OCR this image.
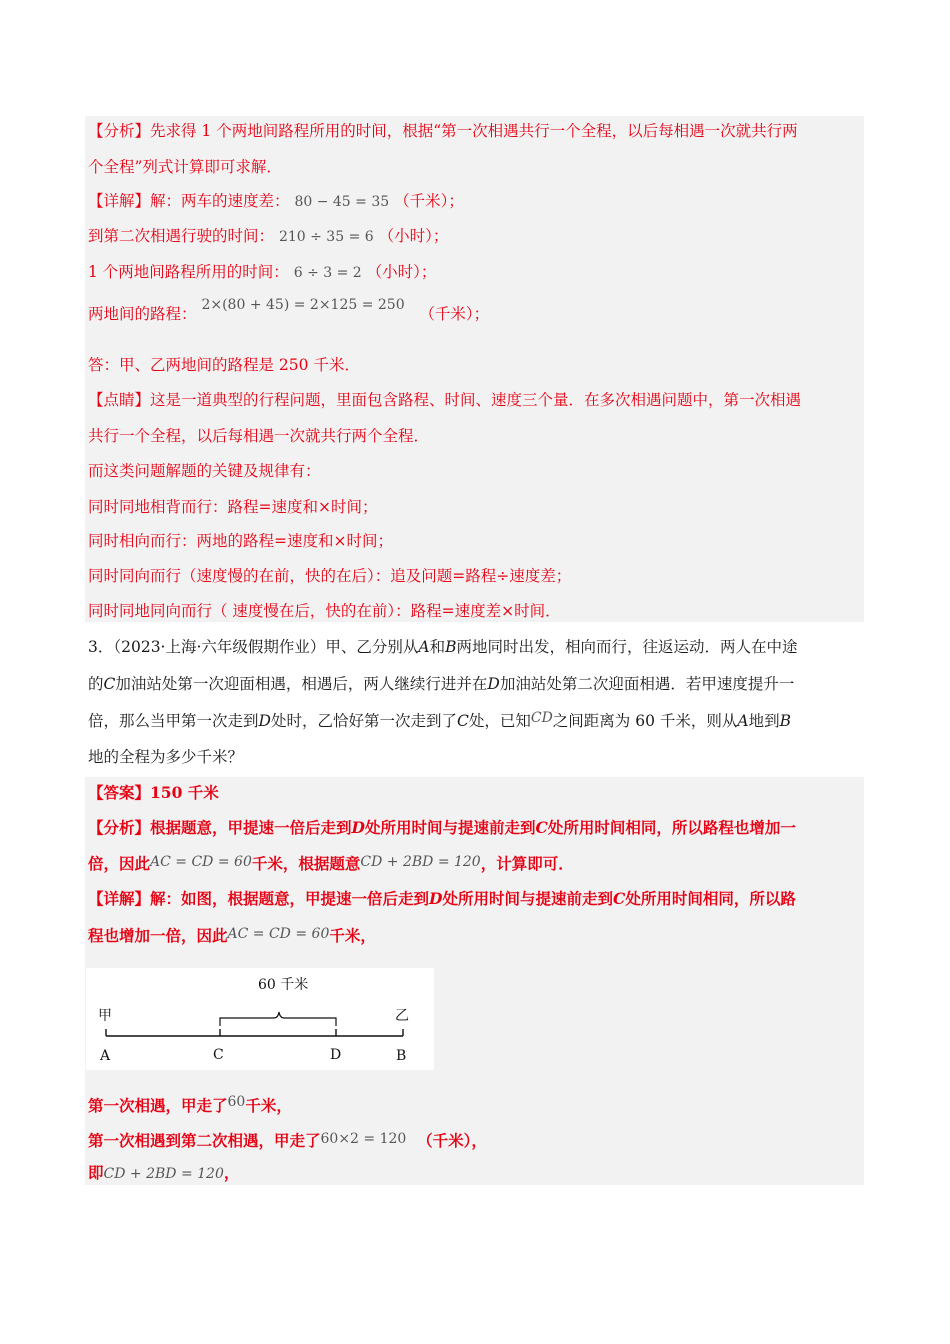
【分析】先求得 1 个两地间路程所用的时间，根据“第一次相遇共行一个全程，以后每相遇一次就共行两
个全程”列式计算即可求解．
【详解】解：两车的速度差： 80 − 45 = 35 （千米）；
到第二次相遇行驶的时间： 210 ÷ 35 = 6 （小时）；
1 个两地间路程所用的时间： 6 ÷ 3 = 2 （小时）；
两地间的路程： 2×(80 + 45) = 2×125 = 250 （千米）；
答：甲、乙两地间的路程是 250 千米．
【点睛】这是一道典型的行程问题，里面包含路程、时间、速度三个量．在多次相遇问题中，第一次相遇
共行一个全程，以后每相遇一次就共行两个全程．
而这类问题解题的关键及规律有：
同时同地相背而行：路程=速度和×时间；
同时相向而行：两地的路程=速度和×时间；
同时同向而行（速度慢的在前，快的在后）：追及问题=路程÷速度差；
同时同地同向而行（ 速度慢在后，快的在前）：路程=速度差×时间．
3．（2023·上海·六年级假期作业）甲、乙分别从A和B两地同时出发，相向而行，往返运动．两人在中途
的C加油站处第一次迎面相遇，相遇后，两人继续行进并在D加油站处第二次迎面相遇．若甲速度提升一
倍，那么当甲第一次走到D处时，乙恰好第一次走到了C处，已知CD之间距离为 60 千米，则从A地到B
地的全程为多少千米？
【答案】150 千米
【分析】根据题意，甲提速一倍后走到D处所用时间与提速前走到C处所用时间相同，所以路程也增加一
倍，因此AC = CD = 60千米，根据题意CD + 2BD = 120，计算即可．
【详解】解：如图，根据题意，甲提速一倍后走到D处所用时间与提速前走到C处所用时间相同，所以路
程也增加一倍，因此AC = CD = 60千米，
60 千米
甲	乙
A	C	D	B
第一次相遇，甲走了60千米，
第一次相遇到第二次相遇，甲走了60×2 = 120 （千米），
即CD + 2BD = 120，
